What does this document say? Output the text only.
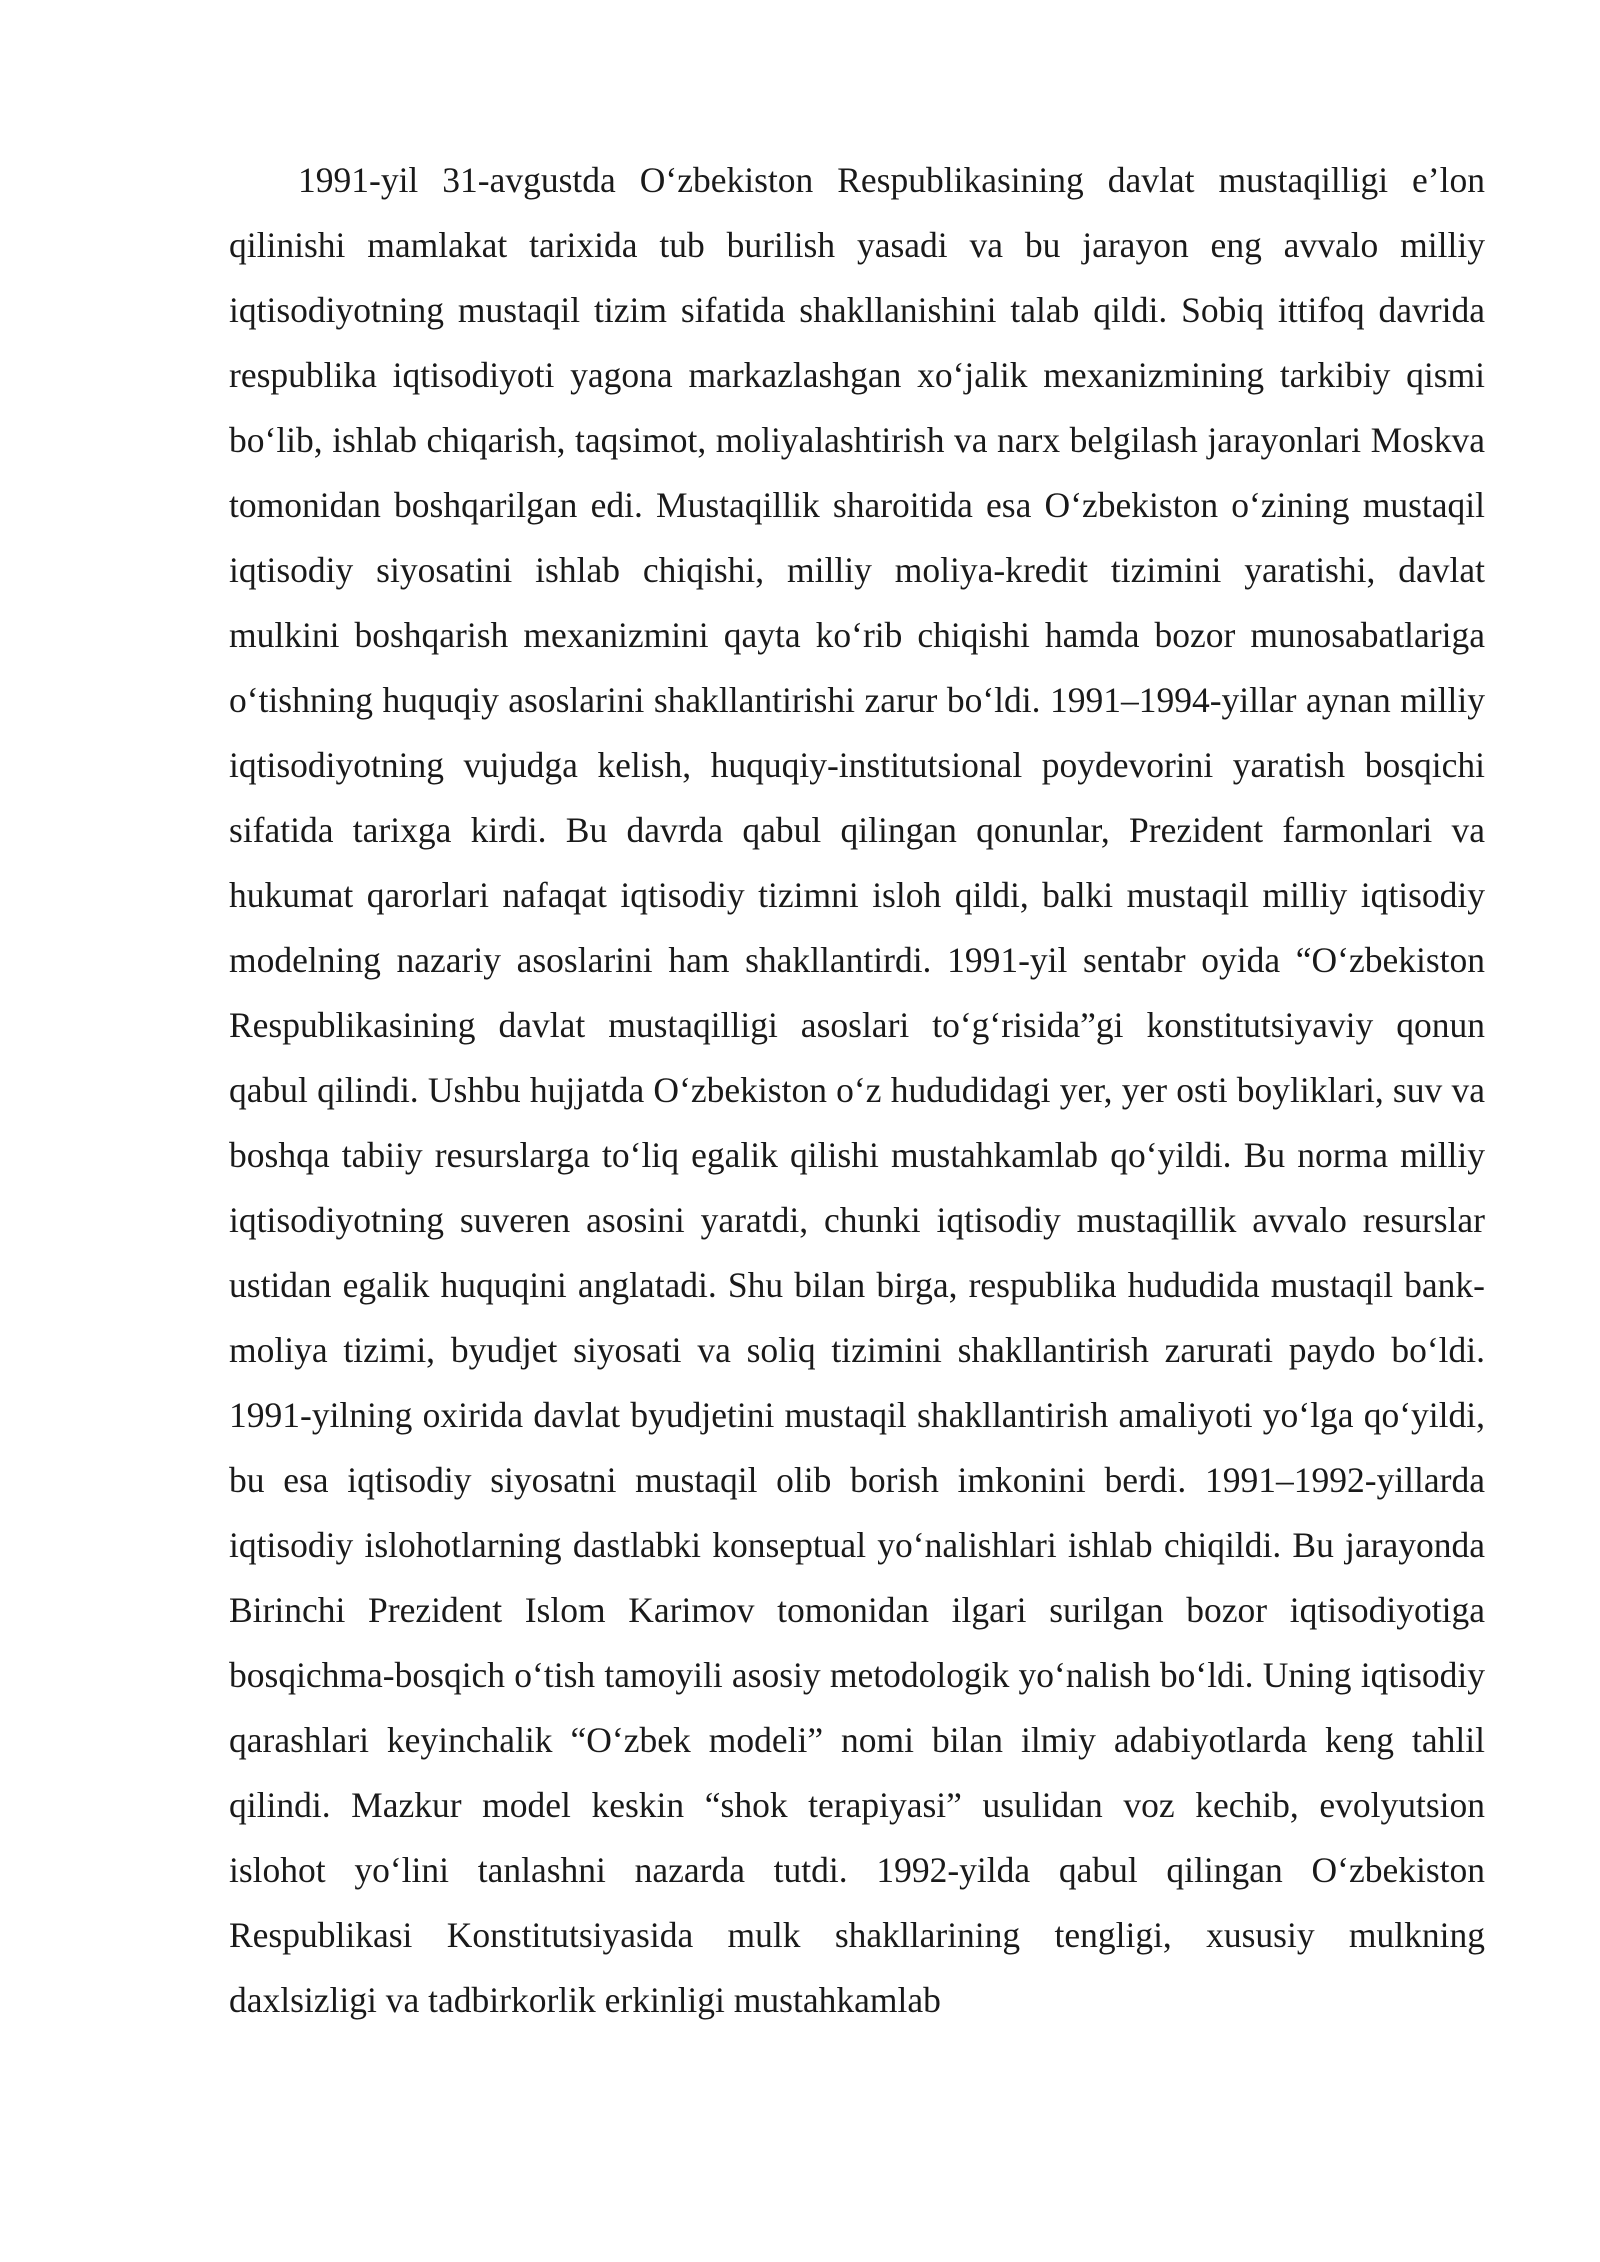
1991-yil 31-avgustda O‘zbekiston Respublikasining davlat mustaqilligi e’lon qilinishi mamlakat tarixida tub burilish yasadi va bu jarayon eng avvalo milliy iqtisodiyotning mustaqil tizim sifatida shakllanishini talab qildi. Sobiq ittifoq davrida respublika iqtisodiyoti yagona markazlashgan xo‘jalik mexanizmining tarkibiy qismi bo‘lib, ishlab chiqarish, taqsimot, moliyalashtirish va narx belgilash jarayonlari Moskva tomonidan boshqarilgan edi. Mustaqillik sharoitida esa O‘zbekiston o‘zining mustaqil iqtisodiy siyosatini ishlab chiqishi, milliy moliya-kredit tizimini yaratishi, davlat mulkini boshqarish mexanizmini qayta ko‘rib chiqishi hamda bozor munosabatlariga o‘tishning huquqiy asoslarini shakllantirishi zarur bo‘ldi. 1991–1994-yillar aynan milliy iqtisodiyotning vujudga kelish, huquqiy-institutsional poydevorini yaratish bosqichi sifatida tarixga kirdi. Bu davrda qabul qilingan qonunlar, Prezident farmonlari va hukumat qarorlari nafaqat iqtisodiy tizimni isloh qildi, balki mustaqil milliy iqtisodiy modelning nazariy asoslarini ham shakllantirdi. 1991-yil sentabr oyida “O‘zbekiston Respublikasining davlat mustaqilligi asoslari to‘g‘risida”gi konstitutsiyaviy qonun qabul qilindi. Ushbu hujjatda O‘zbekiston o‘z hududidagi yer, yer osti boyliklari, suv va boshqa tabiiy resurslarga to‘liq egalik qilishi mustahkamlab qo‘yildi. Bu norma milliy iqtisodiyotning suveren asosini yaratdi, chunki iqtisodiy mustaqillik avvalo resurslar ustidan egalik huquqini anglatadi. Shu bilan birga, respublika hududida mustaqil bank-moliya tizimi, byudjet siyosati va soliq tizimini shakllantirish zarurati paydo bo‘ldi. 1991-yilning oxirida davlat byudjetini mustaqil shakllantirish amaliyoti yo‘lga qo‘yildi, bu esa iqtisodiy siyosatni mustaqil olib borish imkonini berdi. 1991–1992-yillarda iqtisodiy islohotlarning dastlabki konseptual yo‘nalishlari ishlab chiqildi. Bu jarayonda Birinchi Prezident Islom Karimov tomonidan ilgari surilgan bozor iqtisodiyotiga bosqichma-bosqich o‘tish tamoyili asosiy metodologik yo‘nalish bo‘ldi. Uning iqtisodiy qarashlari keyinchalik “O‘zbek modeli” nomi bilan ilmiy adabiyotlarda keng tahlil qilindi. Mazkur model keskin “shok terapiyasi” usulidan voz kechib, evolyutsion islohot yo‘lini tanlashni nazarda tutdi. 1992-yilda qabul qilingan O‘zbekiston Respublikasi Konstitutsiyasida mulk shakllarining tengligi, xususiy mulkning daxlsizligi va tadbirkorlik erkinligi mustahkamlab
